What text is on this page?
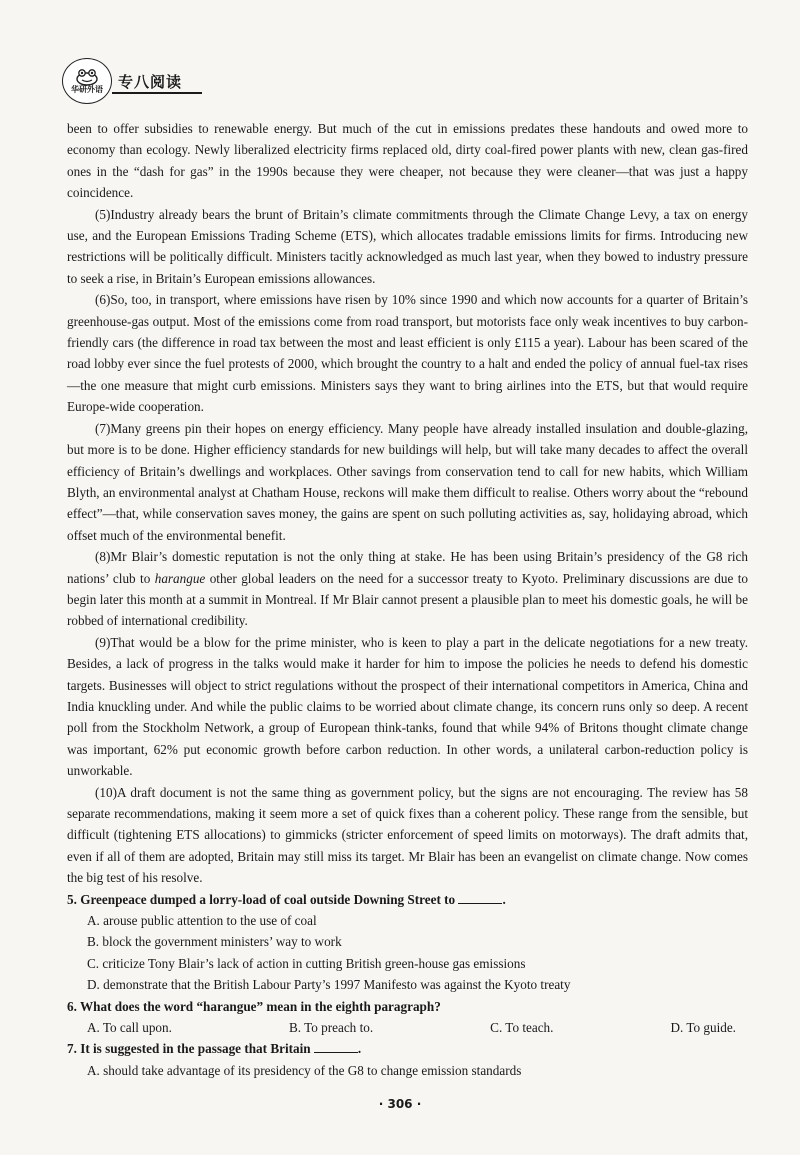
华研外语 专八阅读

been to offer subsidies to renewable energy. But much of the cut in emissions predates these handouts and owed more to economy than ecology. Newly liberalized electricity firms replaced old, dirty coal-fired power plants with new, clean gas-fired ones in the “dash for gas” in the 1990s because they were cheaper, not because they were cleaner—that was just a happy coincidence.

(5)Industry already bears the brunt of Britain’s climate commitments through the Climate Change Levy, a tax on energy use, and the European Emissions Trading Scheme (ETS), which allocates tradable emissions limits for firms. Introducing new restrictions will be politically difficult. Ministers tacitly acknowledged as much last year, when they bowed to industry pressure to seek a rise, in Britain’s European emissions allowances.

(6)So, too, in transport, where emissions have risen by 10% since 1990 and which now accounts for a quarter of Britain’s greenhouse-gas output. Most of the emissions come from road transport, but motorists face only weak incentives to buy carbon-friendly cars (the difference in road tax between the most and least efficient is only £115 a year). Labour has been scared of the road lobby ever since the fuel protests of 2000, which brought the country to a halt and ended the policy of annual fuel-tax rises—the one measure that might curb emissions. Ministers says they want to bring airlines into the ETS, but that would require Europe-wide cooperation.

(7)Many greens pin their hopes on energy efficiency. Many people have already installed insulation and double-glazing, but more is to be done. Higher efficiency standards for new buildings will help, but will take many decades to affect the overall efficiency of Britain’s dwellings and workplaces. Other savings from conservation tend to call for new habits, which William Blyth, an environmental analyst at Chatham House, reckons will make them difficult to realise. Others worry about the “rebound effect”—that, while conservation saves money, the gains are spent on such polluting activities as, say, holidaying abroad, which offset much of the environmental benefit.

(8)Mr Blair’s domestic reputation is not the only thing at stake. He has been using Britain’s presidency of the G8 rich nations’ club to harangue other global leaders on the need for a successor treaty to Kyoto. Preliminary discussions are due to begin later this month at a summit in Montreal. If Mr Blair cannot present a plausible plan to meet his domestic goals, he will be robbed of international credibility.

(9)That would be a blow for the prime minister, who is keen to play a part in the delicate negotiations for a new treaty. Besides, a lack of progress in the talks would make it harder for him to impose the policies he needs to defend his domestic targets. Businesses will object to strict regulations without the prospect of their international competitors in America, China and India knuckling under. And while the public claims to be worried about climate change, its concern runs only so deep. A recent poll from the Stockholm Network, a group of European think-tanks, found that while 94% of Britons thought climate change was important, 62% put economic growth before carbon reduction. In other words, a unilateral carbon-reduction policy is unworkable.

(10)A draft document is not the same thing as government policy, but the signs are not encouraging. The review has 58 separate recommendations, making it seem more a set of quick fixes than a coherent policy. These range from the sensible, but difficult (tightening ETS allocations) to gimmicks (stricter enforcement of speed limits on motorways). The draft admits that, even if all of them are adopted, Britain may still miss its target. Mr Blair has been an evangelist on climate change. Now comes the big test of his resolve.

5. Greenpeace dumped a lorry-load of coal outside Downing Street to	.

A. arouse public attention to the use of coal

B. block the government ministers’ way to work

C. criticize Tony Blair’s lack of action in cutting British green-house gas emissions

D. demonstrate that the British Labour Party’s 1997 Manifesto was against the Kyoto treaty

6. What does the word “harangue” mean in the eighth paragraph?

A. To call upon.	B. To preach to.	C. To teach.	D. To guide.

7. It is suggested in the passage that Britain	.

A. should take advantage of its presidency of the G8 to change emission standards

· 306 ·
